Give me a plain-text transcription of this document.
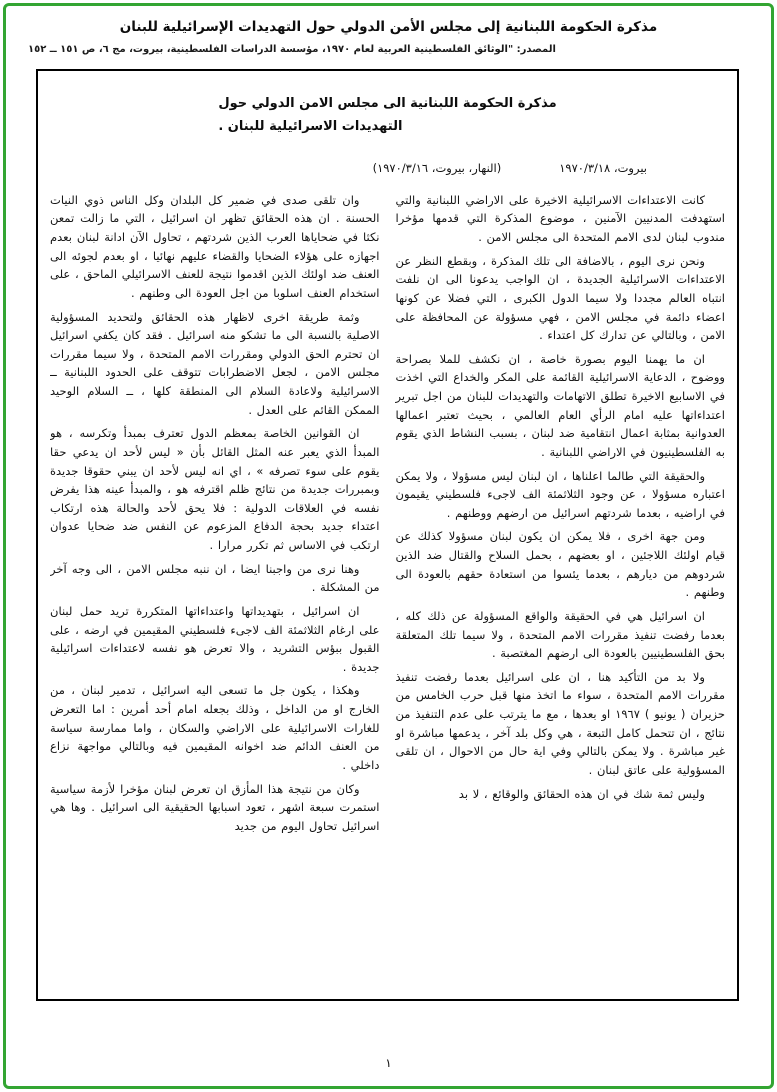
مذكرة الحكومة اللبنانية إلى مجلس الأمن الدولي حول التهديدات الإسرائيلية للبنان
المصدر: "الوثائق الفلسطينية العربية لعام ١٩٧٠، مؤسسة الدراسات الفلسطينية، بيروت، مج ٦، ص ١٥١ ــ ١٥٢
مذكرة الحكومة اللبنانية الى مجلس الامن الدولي حول
التهديدات الاسرائيلية للبنان .
بيروت، ١٩٧٠/٣/١٨
(النهار، بيروت، ١٩٧٠/٣/١٦)

كانت الاعتداءات الاسرائيلية الاخيرة على الاراضي اللبنانية والتي استهدفت المدنيين الآمنين ، موضوع المذكرة التي قدمها مؤخرا مندوب لبنان لدى الامم المتحدة الى مجلس الامن .

ونحن نرى اليوم ، بالاضافة الى تلك المذكرة ، وبقطع النظر عن الاعتداءات الاسرائيلية الجديدة ، ان الواجب يدعونا الى ان نلفت انتباه العالم مجددا ولا سيما الدول الكبرى ، التي فضلا عن كونها اعضاء دائمة في مجلس الامن ، فهي مسؤولة عن المحافظة على الامن ، وبالتالي عن تدارك كل اعتداء .

ان ما يهمنا اليوم بصورة خاصة ، ان نكشف للملا بصراحة ووضوح ، الدعاية الاسرائيلية القائمة على المكر والخداع التي اخذت في الاسابيع الاخيرة تطلق الاتهامات والتهديدات للبنان من اجل تبرير اعتداءاتها عليه امام الرأي العام العالمي ، بحيث تعتبر اعمالها العدوانية بمثابة اعمال انتقامية ضد لبنان ، بسبب النشاط الذي يقوم به الفلسطينيون في الاراضي اللبنانية .

والحقيقة التي طالما اعلناها ، ان لبنان ليس مسؤولا ، ولا يمكن اعتباره مسؤولا ، عن وجود الثلاثمئة الف لاجىء فلسطيني يقيمون في اراضيه ، بعدما شردتهم اسرائيل من ارضهم ووطنهم .

ومن جهة اخرى ، فلا يمكن ان يكون لبنان مسؤولا كذلك عن قيام اولئك اللاجئين ، او بعضهم ، بحمل السلاح والقتال ضد الذين شردوهم من ديارهم ، بعدما يئسوا من استعادة حقهم بالعودة الى وطنهم .

ان اسرائيل هي في الحقيقة والواقع المسؤولة عن ذلك كله ، بعدما رفضت تنفيذ مقررات الامم المتحدة ، ولا سيما تلك المتعلقة بحق الفلسطينيين بالعودة الى ارضهم المغتصبة .

ولا بد من التأكيد هنا ، ان على اسرائيل بعدما رفضت تنفيذ مقررات الامم المتحدة ، سواء ما اتخذ منها قبل حرب الخامس من حزيران ( يونيو ) ١٩٦٧ او بعدها ، مع ما يترتب على عدم التنفيذ من نتائج ، ان تتحمل كامل التبعة ، هي وكل بلد آخر ، يدعمها مباشرة او غير مباشرة . ولا يمكن بالتالي وفي اية حال من الاحوال ، ان تلقى المسؤولية على عاتق لبنان .

وليس ثمة شك في ان هذه الحقائق والوقائع ، لا بد

وان تلقى صدى في ضمير كل البلدان وكل الناس ذوي النيات الحسنة . ان هذه الحقائق تظهر ان اسرائيل ، التي ما زالت تمعن نكثا في ضحاياها العرب الذين شردتهم ، تحاول الآن ادانة لبنان بعدم اجهازه على هؤلاء الضحايا والقضاء عليهم نهائيا ، او بعدم لجوئه الى العنف ضد اولئك الذين اقدموا نتيجة للعنف الاسرائيلي الماحق ، على استخدام العنف اسلوبا من اجل العودة الى وطنهم .

وثمة طريقة اخرى لاظهار هذه الحقائق ولتحديد المسؤولية الاصلية بالنسبة الى ما تشكو منه اسرائيل . فقد كان يكفي اسرائيل ان تحترم الحق الدولي ومقررات الامم المتحدة ، ولا سيما مقررات مجلس الامن ، لجعل الاضطرابات تتوقف على الحدود اللبنانية ــ الاسرائيلية ولاعادة السلام الى المنطقة كلها ، ــ السلام الوحيد الممكن القائم على العدل .

ان القوانين الخاصة بمعظم الدول تعترف بمبدأ وتكرسه ، هو المبدأ الذي يعبر عنه المثل القائل بأن « ليس لأحد ان يدعي حقا يقوم على سوء تصرفه » ، اي انه ليس لأحد ان يبني حقوقا جديدة وبمبررات جديدة من نتائج ظلم اقترفه هو ، والمبدأ عينه هذا يفرض نفسه في العلاقات الدولية : فلا يحق لأحد والحالة هذه ارتكاب اعتداء جديد بحجة الدفاع المزعوم عن النفس ضد ضحايا عدوان ارتكب في الاساس ثم تكرر مرارا .

وهنا نرى من واجبنا ايضا ، ان ننبه مجلس الامن ، الى وجه آخر من المشكلة .

ان اسرائيل ، بتهديداتها واعتداءاتها المتكررة تريد حمل لبنان على ارغام الثلاثمئة الف لاجىء فلسطيني المقيمين في ارضه ، على القبول ببؤس التشريد ، والا تعرض هو نفسه لاعتداءات اسرائيلية جديدة .

وهكذا ، يكون جل ما تسعى اليه اسرائيل ، تدمير لبنان ، من الخارج او من الداخل ، وذلك بجعله امام أحد أمرين : اما التعرض للغارات الاسرائيلية على الاراضي والسكان ، واما ممارسة سياسة من العنف الدائم ضد اخوانه المقيمين فيه وبالتالي مواجهة نزاع داخلي .

وكان من نتيجة هذا المأزق ان تعرض لبنان مؤخرا لأزمة سياسية استمرت سبعة اشهر ، تعود اسبابها الحقيقية الى اسرائيل . وها هي اسرائيل تحاول اليوم من جديد

١
